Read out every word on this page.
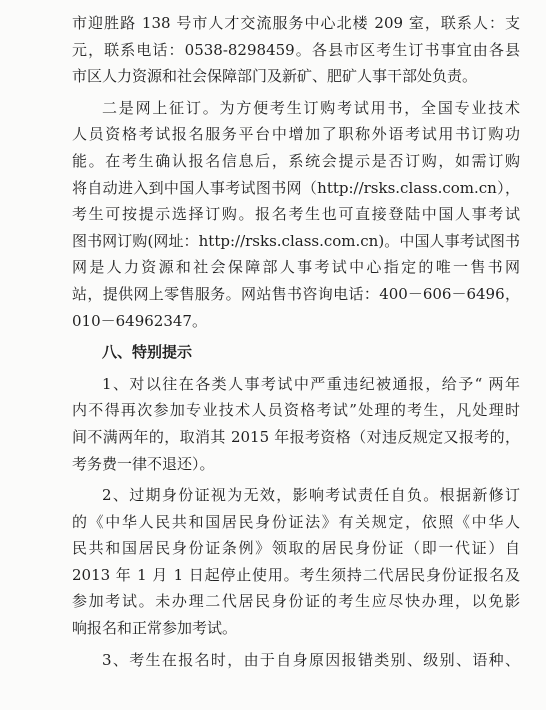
市迎胜路 138 号市人才交流服务中心北楼 209 室，联系人：支
元，联系电话：0538-8298459。各县市区考生订书事宜由各县
市区人力资源和社会保障部门及新矿、肥矿人事干部处负责。
二是网上征订。为方便考生订购考试用书，全国专业技术
人员资格考试报名服务平台中增加了职称外语考试用书订购功
能。在考生确认报名信息后，系统会提示是否订购，如需订购
将自动进入到中国人事考试图书网（http://rsks.class.com.cn），
考生可按提示选择订购。报名考生也可直接登陆中国人事考试
图书网订购(网址：http://rsks.class.com.cn)。中国人事考试图书
网是人力资源和社会保障部人事考试中心指定的唯一售书网
站，提供网上零售服务。网站售书咨询电话：400－606－6496，
010－64962347。
八、特别提示
1、对以往在各类人事考试中严重违纪被通报，给予“ 两年
内不得再次参加专业技术人员资格考试”处理的考生，凡处理时
间不满两年的，取消其 2015 年报考资格（对违反规定又报考的，
考务费一律不退还）。
2、过期身份证视为无效，影响考试责任自负。根据新修订
的《中华人民共和国居民身份证法》有关规定，依照《中华人
民共和国居民身份证条例》领取的居民身份证（即一代证）自
2013 年 1 月 1 日起停止使用。考生须持二代居民身份证报名及
参加考试。未办理二代居民身份证的考生应尽快办理，以免影
响报名和正常参加考试。
3、考生在报名时，由于自身原因报错类别、级别、语种、
